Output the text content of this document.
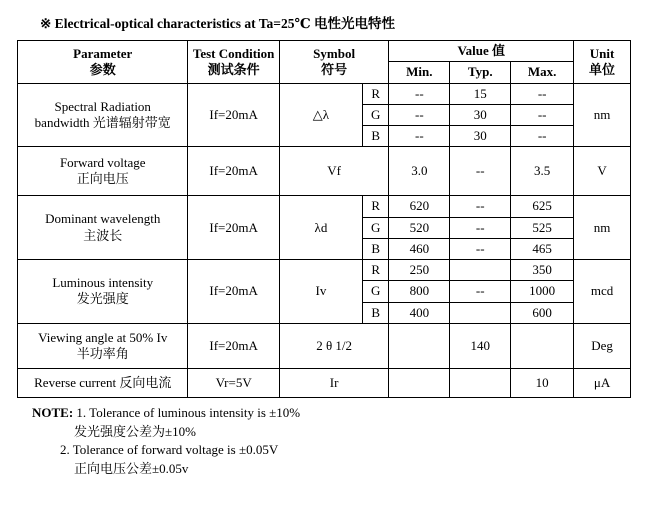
※ Electrical-optical characteristics at Ta=25℃ 电性光电特性
Parameter
参数	Test Condition
测试条件	Symbol
符号		Value 值			Unit
单位

				Min.	Typ.	Max.	

Spectral Radiation
bandwidth 光谱辐射带宽	If=20mA	△λ	R	--	15	--	nm
			G	--	30	--	
			B	--	30	--	

Forward voltage
正向电压	If=20mA	Vf		3.0	--	3.5	V

Dominant wavelength
主波长	If=20mA	λd	R	620	--	625	nm
			G	520	--	525	
			B	460	--	465	

Luminous intensity
发光强度	If=20mA	Iv	R	250		350	mcd
			G	800	--	1000	
			B	400		600	

Viewing angle at 50% Iv
半功率角	If=20mA	2 θ 1/2			140		Deg
Reverse current 反向电流	Vr=5V	Ir				10	μA
NOTE: 1. Tolerance of luminous intensity is ±10%
发光强度公差为±10%
2. Tolerance of forward voltage is ±0.05V
正向电压公差±0.05v
